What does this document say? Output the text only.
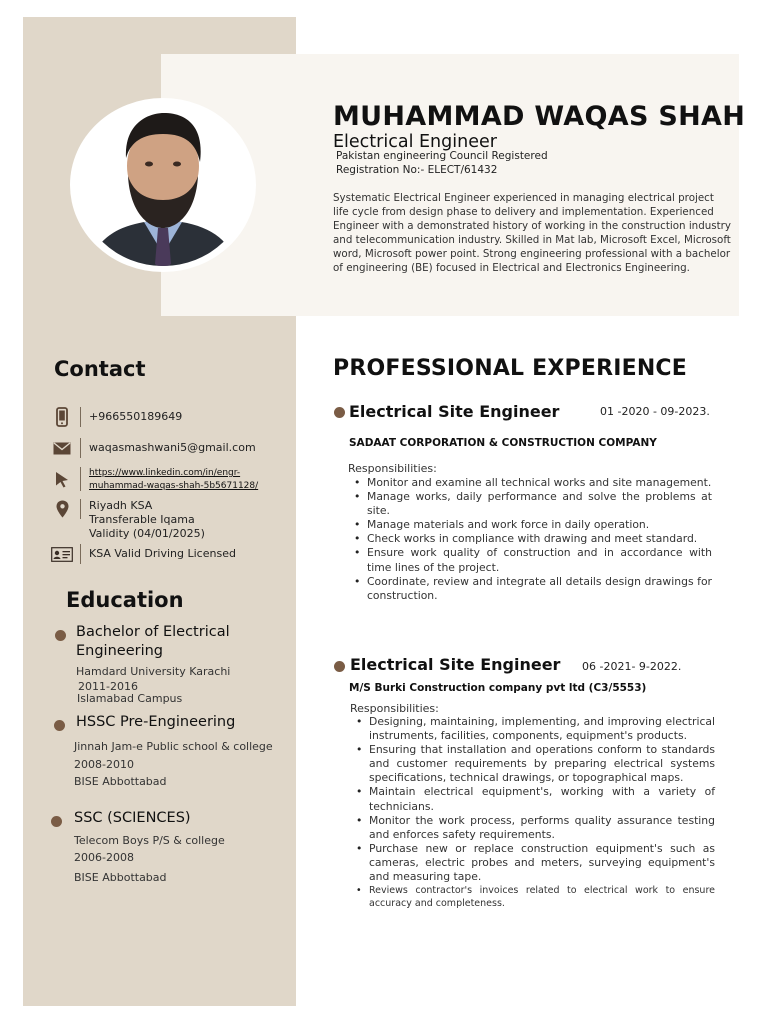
MUHAMMAD WAQAS SHAH
Electrical Engineer
Pakistan engineering Council Registered
Registration No:- ELECT/61432
Systematic Electrical Engineer experienced in managing electrical project life cycle from design phase to delivery and implementation. Experienced Engineer with a demonstrated history of working in the construction industry and telecommunication industry. Skilled in Mat lab, Microsoft Excel, Microsoft word, Microsoft power point. Strong engineering professional with a bachelor of engineering (BE) focused in Electrical and Electronics Engineering.
Contact
+966550189649
waqasmashwani5@gmail.com
https://www.linkedin.com/in/engr-
muhammad-waqas-shah-5b5671128/
Riyadh KSA
Transferable Iqama
Validity (04/01/2025)
KSA Valid Driving Licensed
Education
Bachelor of Electrical
Engineering
Hamdard University Karachi
2011-2016
Islamabad Campus
HSSC Pre-Engineering
Jinnah Jam-e Public school & college
2008-2010
BISE Abbottabad
SSC (SCIENCES)
Telecom Boys P/S & college
2006-2008
BISE Abbottabad
PROFESSIONAL EXPERIENCE
Electrical Site Engineer	01 -2020 - 09-2023.
SADAAT CORPORATION & CONSTRUCTION COMPANY
Responsibilities:
• Monitor and examine all technical works and site management.
• Manage works, daily performance and solve the problems at site.
• Manage materials and work force in daily operation.
• Check works in compliance with drawing and meet standard.
• Ensure work quality of construction and in accordance with time lines of the project.
• Coordinate, review and integrate all details design drawings for construction.
Electrical Site Engineer 06 -2021- 9-2022.
M/S Burki Construction company pvt ltd (C3/5553)
Responsibilities:
• Designing, maintaining, implementing, and improving electrical instruments, facilities, components, equipment's products.
• Ensuring that installation and operations conform to standards and customer requirements by preparing electrical systems specifications, technical drawings, or topographical maps.
• Maintain electrical equipment's, working with a variety of technicians.
• Monitor the work process, performs quality assurance testing and enforces safety requirements.
• Purchase new or replace construction equipment's such as cameras, electric probes and meters, surveying equipment's and measuring tape.
• Reviews contractor's invoices related to electrical work to ensure accuracy and completeness.
